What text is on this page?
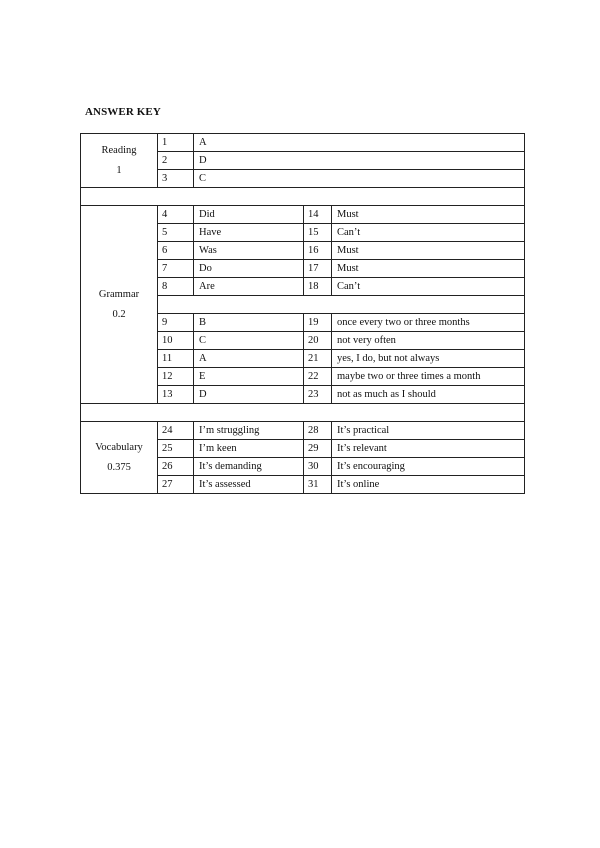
ANSWER KEY
Reading
1	1	A		
	2	D		
	3	C		

Grammar
0.2	4	Did	14	Must
	5	Have	15	Can’t
	6	Was	16	Must
	7	Do	17	Must
	8	Are	18	Can’t

	9	B	19	once every two or three months
	10	C	20	not very often
	11	A	21	yes, I do, but not always
	12	E	22	maybe two or three times a month
	13	D	23	not as much as I should

Vocabulary
0.375	24	I’m struggling	28	It’s practical
	25	I’m keen	29	It’s relevant
	26	It’s demanding	30	It’s encouraging
	27	It’s assessed	31	It’s online
